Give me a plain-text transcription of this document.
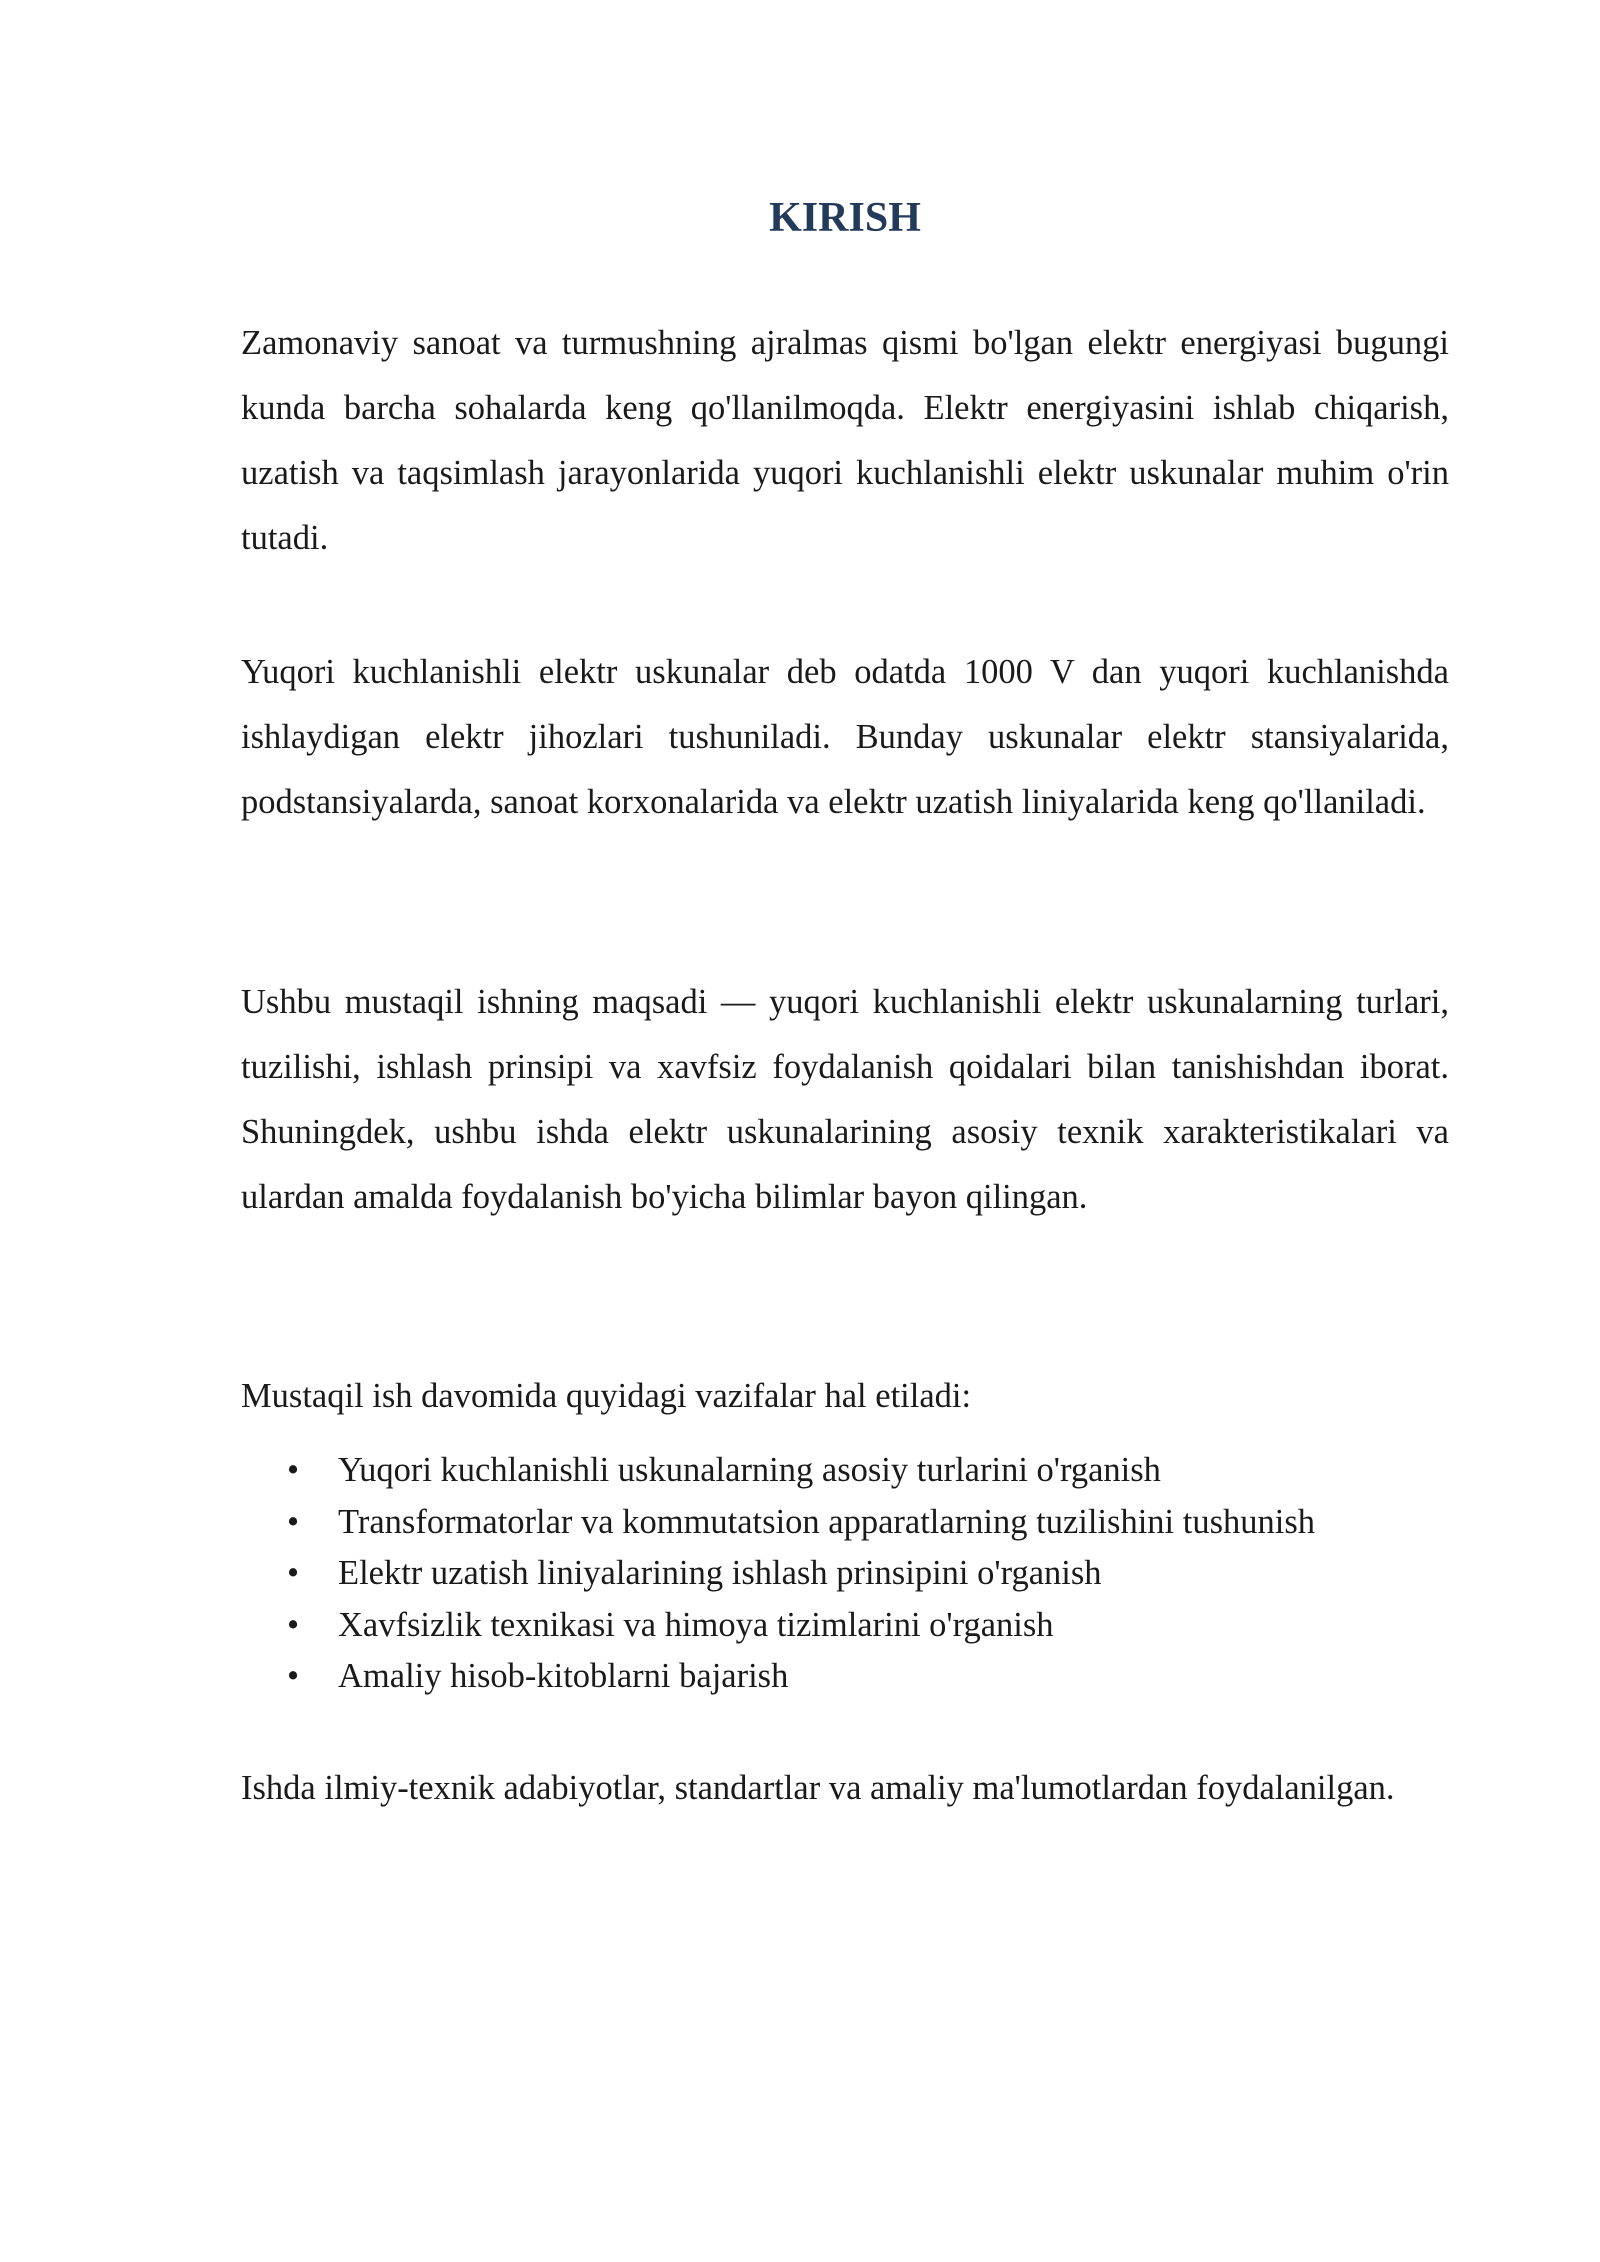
KIRISH

Zamonaviy sanoat va turmushning ajralmas qismi bo'lgan elektr energiyasi bugungi kunda barcha sohalarda keng qo'llanilmoqda. Elektr energiyasini ishlab chiqarish, uzatish va taqsimlash jarayonlarida yuqori kuchlanishli elektr uskunalar muhim o'rin tutadi.

Yuqori kuchlanishli elektr uskunalar deb odatda 1000 V dan yuqori kuchlanishda ishlaydigan elektr jihozlari tushuniladi. Bunday uskunalar elektr stansiyalarida, podstansiyalarda, sanoat korxonalarida va elektr uzatish liniyalarida keng qo'llaniladi.

Ushbu mustaqil ishning maqsadi — yuqori kuchlanishli elektr uskunalarning turlari, tuzilishi, ishlash prinsipi va xavfsiz foydalanish qoidalari bilan tanishishdan iborat. Shuningdek, ushbu ishda elektr uskunalarining asosiy texnik xarakteristikalari va ulardan amalda foydalanish bo'yicha bilimlar bayon qilingan.

Mustaqil ish davomida quyidagi vazifalar hal etiladi:

• Yuqori kuchlanishli uskunalarning asosiy turlarini o'rganish
• Transformatorlar va kommutatsion apparatlarning tuzilishini tushunish
• Elektr uzatish liniyalarining ishlash prinsipini o'rganish
• Xavfsizlik texnikasi va himoya tizimlarini o'rganish
• Amaliy hisob-kitoblarni bajarish

Ishda ilmiy-texnik adabiyotlar, standartlar va amaliy ma'lumotlardan foydalanilgan.
